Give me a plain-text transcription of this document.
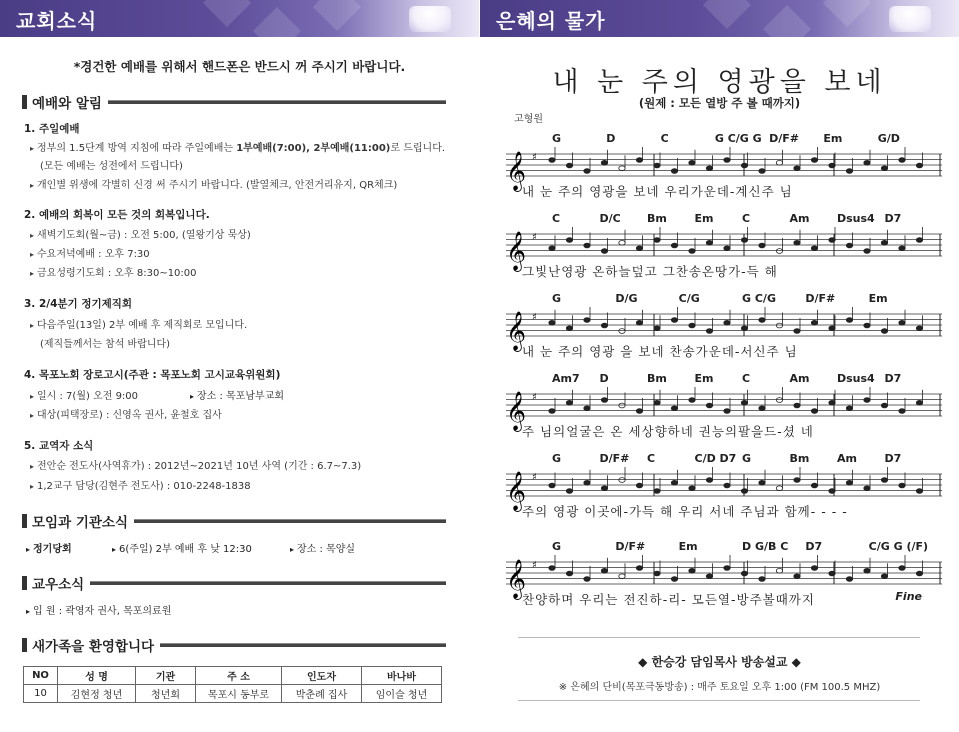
교회소식
*경건한 예배를 위해서 핸드폰은 반드시 꺼 주시기 바랍니다.
예배와 알림
1. 주일예배
▸ 정부의 1.5단계 방역 지침에 따라 주일예배는 1부예배(7:00), 2부예배(11:00)로 드립니다.
(모든 예배는 성전에서 드립니다)
▸ 개인별 위생에 각별히 신경 써 주시기 바랍니다. (발열체크, 안전거리유지, QR체크)
2. 예배의 회복이 모든 것의 회복입니다.
▸ 새벽기도회(월~금) : 오전 5:00, (열왕기상 묵상)
▸ 수요저녁예배 : 오후 7:30
▸ 금요성령기도회 : 오후 8:30~10:00
3. 2/4분기 정기제직회
▸ 다음주일(13일) 2부 예배 후 제직회로 모입니다.
(제직들께서는 참석 바랍니다)
4. 목포노회 장로고시(주관 : 목포노회 고시교육위원회)
▸ 일시 : 7(월) 오전 9:00	▸ 장소 : 목포남부교회
▸ 대상(피택장로) : 신영옥 권사, 윤철호 집사
5. 교역자 소식
▸ 전안순 전도사(사역휴가) : 2012년~2021년 10년 사역 (기간 : 6.7~7.3)
▸ 1,2교구 담당(김현주 전도사) : 010-2248-1838
모임과 기관소식
▸ 정기당회	▸ 6(주일) 2부 예배 후 낮 12:30	▸ 장소 : 목양실
교우소식
▸ 입 원 : 곽영자 권사, 목포의료원
새가족을 환영합니다
NO	성 명	기관	주 소	인도자	바나바
10	김현정 청년	청년회	목포시 동부로	박춘례 집사	임이슬 청년
은혜의 물가
내 눈 주의 영광을 보네
(원제 : 모든 열방 주 볼 때까지)
고형원
G	D	C	G C/G G D/F# Em	G/D
𝄞 ♯
내 눈 주의 영광을 보네 우리가운데-계신주 님
C	D/C Bm	Em	C	Am	Dsus4 D7
𝄞 ♯
그빛난영광 온하늘덮고 그찬송온땅가-득 해
G	D/G	C/G	G C/G	D/F#	Em
𝄞 ♯
내 눈 주의 영광 을 보네 찬송가운데-서신주 님
Am7 D	Bm	Em	C	Am	Dsus4 D7
𝄞 ♯
주 님의얼굴은 온 세상향하네 권능의팔을드-셨 네
G	D/F# C	C/D D7 G	Bm	Am	D7
𝄞 ♯
주의 영광 이곳에-가득 해 우리 서네 주님과 함께- - - -
G	D/F#	Em	D G/B C D7	C/G G (/F)
𝄞 ♯
찬양하며 우리는 전진하-리- 모든열-방주볼때까지	Fine
◆ 한승강 담임목사 방송설교 ◆
※ 은혜의 단비(목포극동방송) : 매주 토요일 오후 1:00 (FM 100.5 MHZ)
